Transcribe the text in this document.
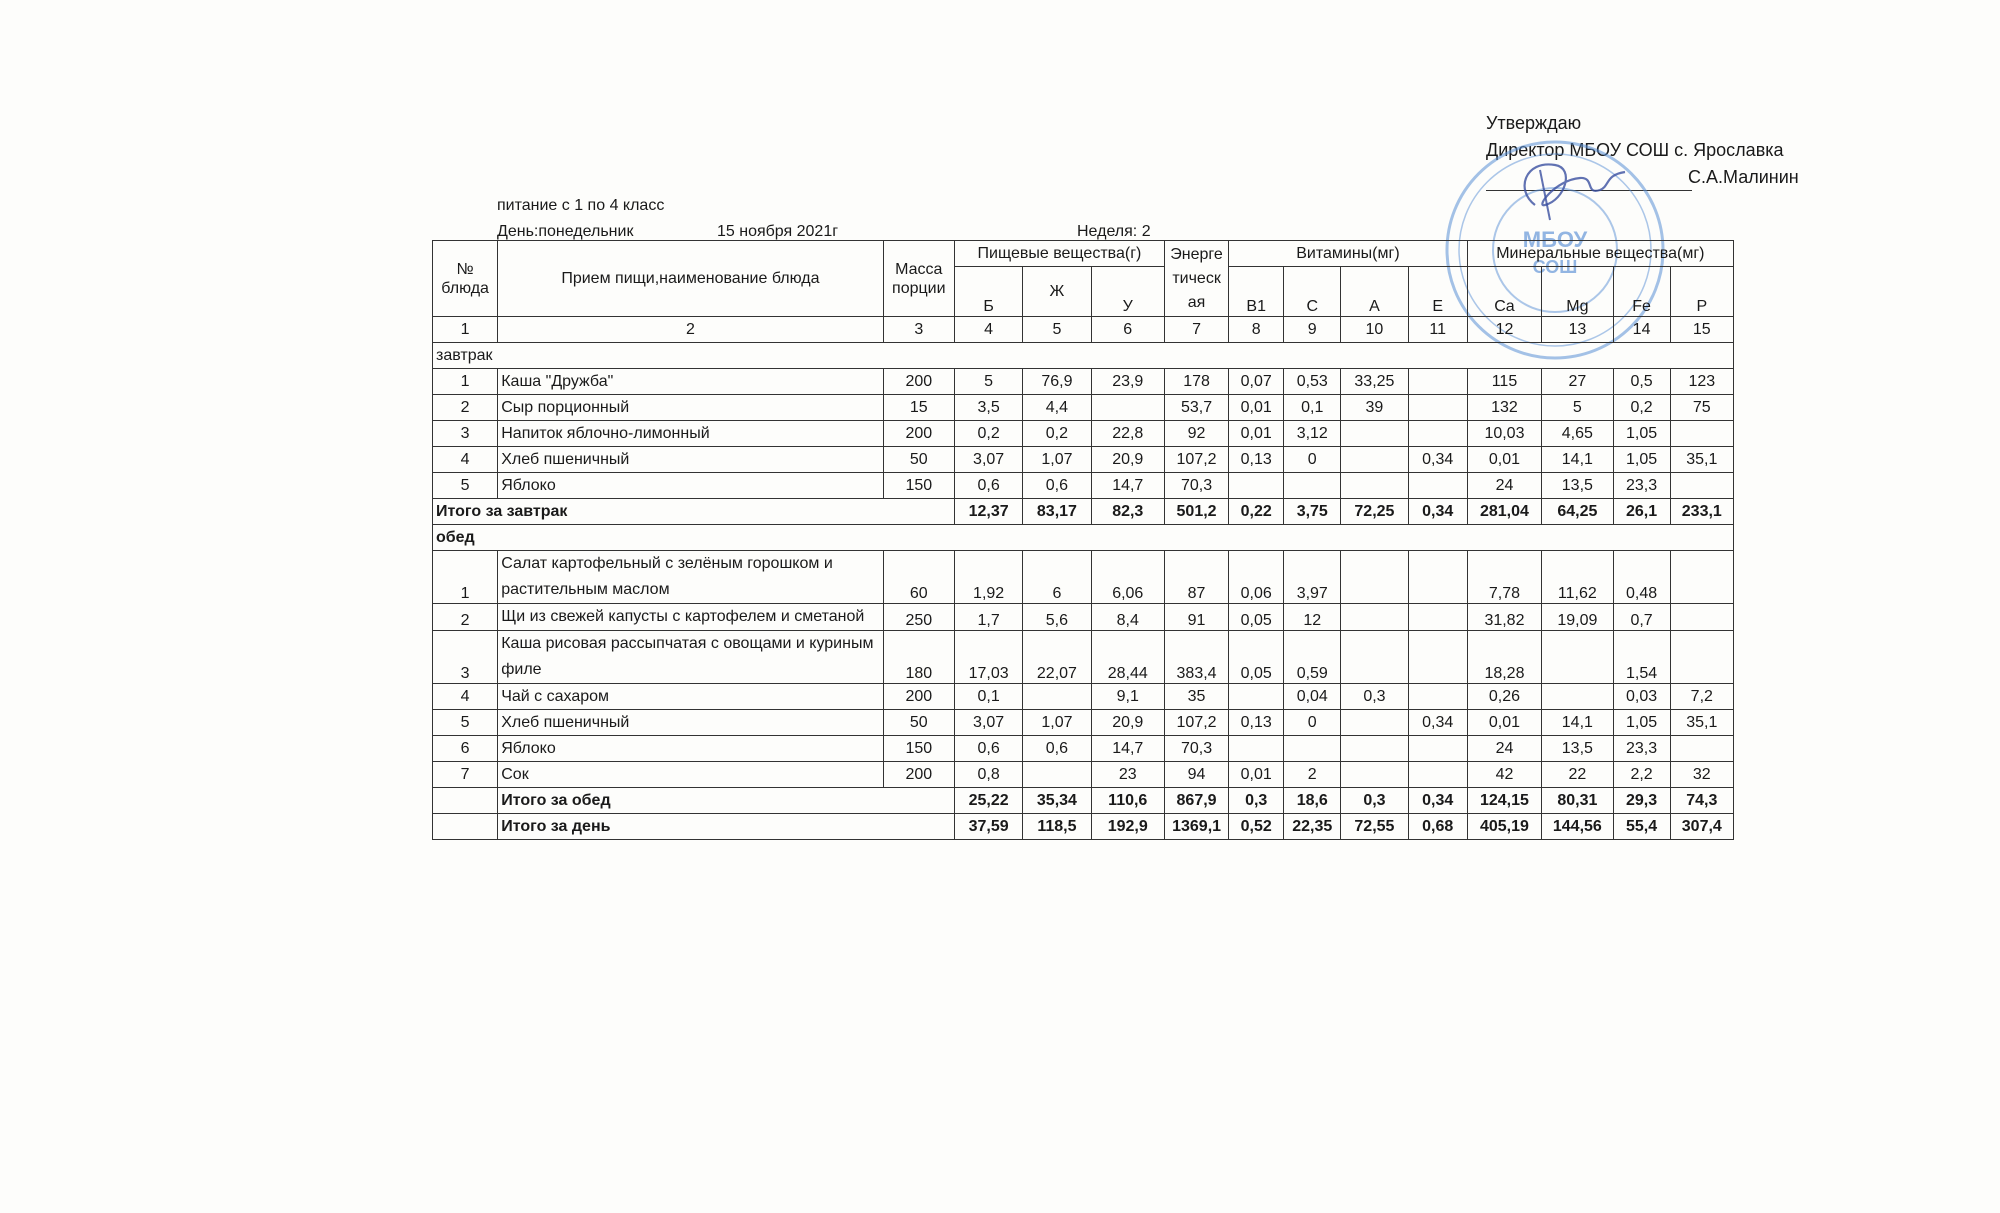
Утверждаю
Директор МБОУ СОШ с. Ярославка
С.А.Малинин
МБОУ
СОШ
питание с 1 по 4 класс
День:понедельник	15 ноября 2021г	Неделя: 2
№ блюда	Прием пищи,наименование блюда	Масса порции	Пищевые вещества(г)			Энерге тическ ая	Витамины(мг)				Минеральные вещества(мг)			
			Б	Ж	У		B1	C	A	E	Ca	Mg	Fe	P
1	2	3	4	5	6	7	8	9	10	11	12	13	14	15
завтрак														
1	Каша "Дружба"	200	5	76,9	23,9	178	0,07	0,53	33,25		115	27	0,5	123
2	Сыр порционный	15	3,5	4,4		53,7	0,01	0,1	39		132	5	0,2	75
3	Напиток яблочно-лимонный	200	0,2	0,2	22,8	92	0,01	3,12			10,03	4,65	1,05	
4	Хлеб пшеничный	50	3,07	1,07	20,9	107,2	0,13	0		0,34	0,01	14,1	1,05	35,1
5	Яблоко	150	0,6	0,6	14,7	70,3					24	13,5	23,3	
Итого за завтрак			12,37	83,17	82,3	501,2	0,22	3,75	72,25	0,34	281,04	64,25	26,1	233,1
обед														
1	Салат картофельный с зелёным горошком и растительным маслом	60	1,92	6	6,06	87	0,06	3,97			7,78	11,62	0,48	
2	Щи из свежей капусты с картофелем и сметаной	250	1,7	5,6	8,4	91	0,05	12			31,82	19,09	0,7	
3	Каша рисовая рассыпчатая с овощами и куриным филе	180	17,03	22,07	28,44	383,4	0,05	0,59			18,28		1,54	
4	Чай с сахаром	200	0,1		9,1	35		0,04	0,3		0,26		0,03	7,2
5	Хлеб пшеничный	50	3,07	1,07	20,9	107,2	0,13	0		0,34	0,01	14,1	1,05	35,1
6	Яблоко	150	0,6	0,6	14,7	70,3					24	13,5	23,3	
7	Сок	200	0,8		23	94	0,01	2			42	22	2,2	32
	Итого за обед		25,22	35,34	110,6	867,9	0,3	18,6	0,3	0,34	124,15	80,31	29,3	74,3
	Итого за день		37,59	118,5	192,9	1369,1	0,52	22,35	72,55	0,68	405,19	144,56	55,4	307,4
